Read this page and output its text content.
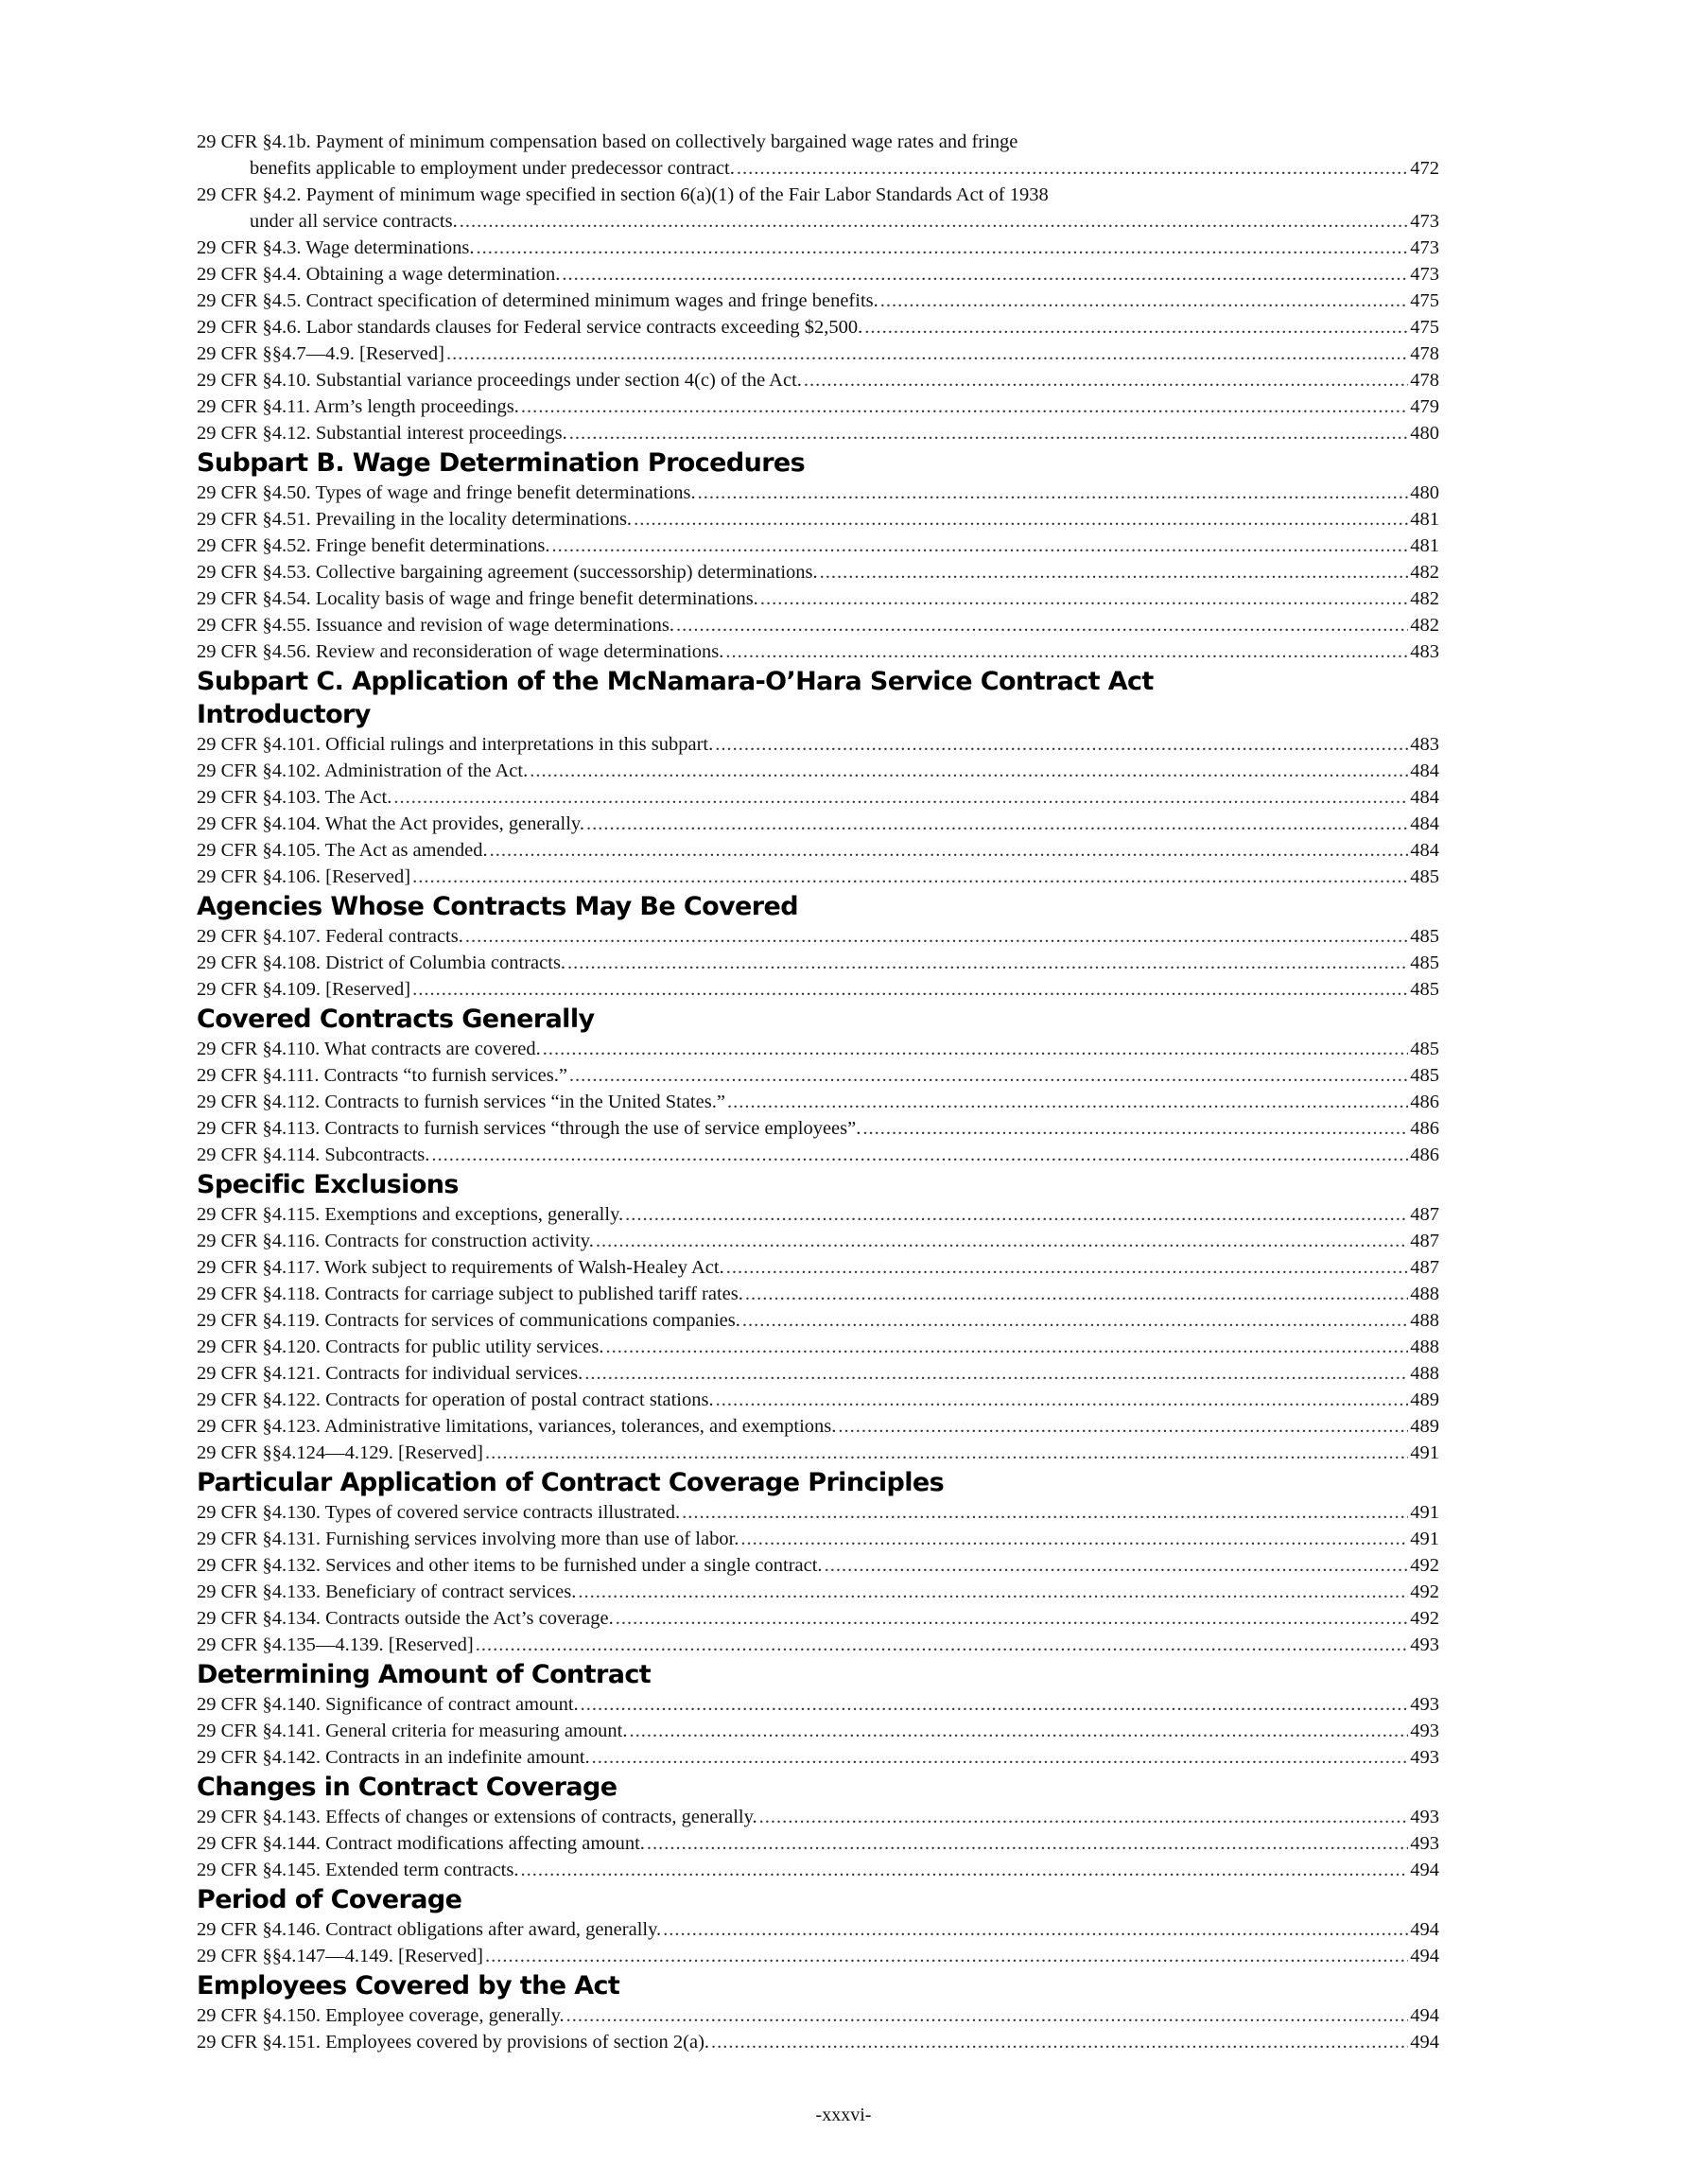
29 CFR §4.1b. Payment of minimum compensation based on collectively bargained wage rates and fringe
benefits applicable to employment under predecessor contract. .....	472
29 CFR §4.2. Payment of minimum wage specified in section 6(a)(1) of the Fair Labor Standards Act of 1938
under all service contracts. .....	473
29 CFR §4.3. Wage determinations. .....	473
29 CFR §4.4. Obtaining a wage determination. .....	473
29 CFR §4.5. Contract specification of determined minimum wages and fringe benefits. .....	475
29 CFR §4.6. Labor standards clauses for Federal service contracts exceeding $2,500. .....	475
29 CFR §§4.7—4.9. [Reserved] .....	478
29 CFR §4.10. Substantial variance proceedings under section 4(c) of the Act. .....	478
29 CFR §4.11. Arm’s length proceedings. .....	479
29 CFR §4.12. Substantial interest proceedings. .....	480
Subpart B. Wage Determination Procedures
29 CFR §4.50. Types of wage and fringe benefit determinations. .....	480
29 CFR §4.51. Prevailing in the locality determinations. .....	481
29 CFR §4.52. Fringe benefit determinations. .....	481
29 CFR §4.53. Collective bargaining agreement (successorship) determinations. .....	482
29 CFR §4.54. Locality basis of wage and fringe benefit determinations. .....	482
29 CFR §4.55. Issuance and revision of wage determinations. .....	482
29 CFR §4.56. Review and reconsideration of wage determinations. .....	483
Subpart C. Application of the McNamara-O’Hara Service Contract Act
Introductory
29 CFR §4.101. Official rulings and interpretations in this subpart. .....	483
29 CFR §4.102. Administration of the Act. .....	484
29 CFR §4.103. The Act. .....	484
29 CFR §4.104. What the Act provides, generally. .....	484
29 CFR §4.105. The Act as amended. .....	484
29 CFR §4.106. [Reserved] .....	485
Agencies Whose Contracts May Be Covered
29 CFR §4.107. Federal contracts. .....	485
29 CFR §4.108. District of Columbia contracts. .....	485
29 CFR §4.109. [Reserved] .....	485
Covered Contracts Generally
29 CFR §4.110. What contracts are covered. .....	485
29 CFR §4.111. Contracts “to furnish services.” .....	485
29 CFR §4.112. Contracts to furnish services “in the United States.” .....	486
29 CFR §4.113. Contracts to furnish services “through the use of service employees”. .....	486
29 CFR §4.114. Subcontracts. .....	486
Specific Exclusions
29 CFR §4.115. Exemptions and exceptions, generally. .....	487
29 CFR §4.116. Contracts for construction activity. .....	487
29 CFR §4.117. Work subject to requirements of Walsh-Healey Act. .....	487
29 CFR §4.118. Contracts for carriage subject to published tariff rates. .....	488
29 CFR §4.119. Contracts for services of communications companies. .....	488
29 CFR §4.120. Contracts for public utility services. .....	488
29 CFR §4.121. Contracts for individual services. .....	488
29 CFR §4.122. Contracts for operation of postal contract stations. .....	489
29 CFR §4.123. Administrative limitations, variances, tolerances, and exemptions. .....	489
29 CFR §§4.124—4.129. [Reserved] .....	491
Particular Application of Contract Coverage Principles
29 CFR §4.130. Types of covered service contracts illustrated. .....	491
29 CFR §4.131. Furnishing services involving more than use of labor. .....	491
29 CFR §4.132. Services and other items to be furnished under a single contract. .....	492
29 CFR §4.133. Beneficiary of contract services. .....	492
29 CFR §4.134. Contracts outside the Act’s coverage. .....	492
29 CFR §4.135—4.139. [Reserved] .....	493
Determining Amount of Contract
29 CFR §4.140. Significance of contract amount. .....	493
29 CFR §4.141. General criteria for measuring amount. .....	493
29 CFR §4.142. Contracts in an indefinite amount. .....	493
Changes in Contract Coverage
29 CFR §4.143. Effects of changes or extensions of contracts, generally. .....	493
29 CFR §4.144. Contract modifications affecting amount. .....	493
29 CFR §4.145. Extended term contracts. .....	494
Period of Coverage
29 CFR §4.146. Contract obligations after award, generally. .....	494
29 CFR §§4.147—4.149. [Reserved] .....	494
Employees Covered by the Act
29 CFR §4.150. Employee coverage, generally. .....	494
29 CFR §4.151. Employees covered by provisions of section 2(a). .....	494
-xxxvi-
